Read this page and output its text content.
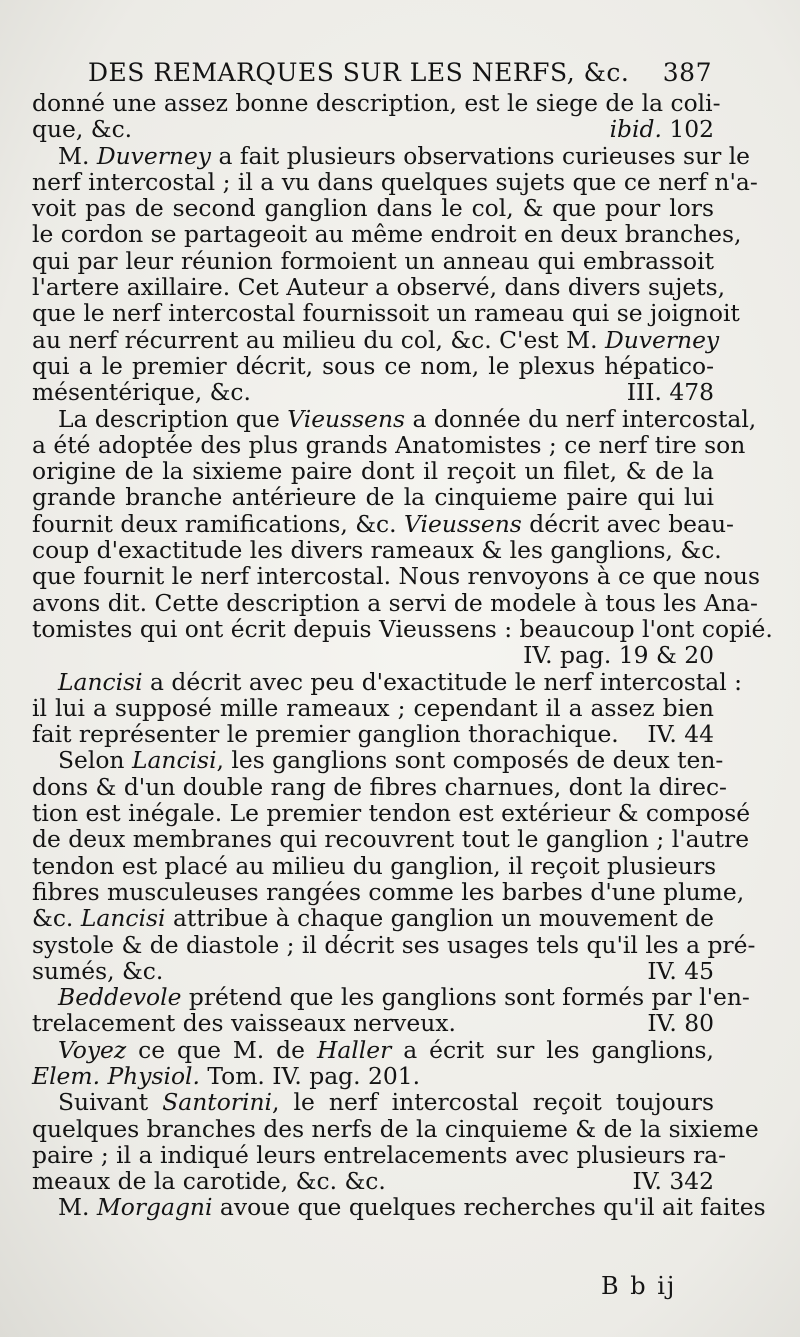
DES REMARQUES SUR LES NERFS, &c. 387
donné une assez bonne description, est le siege de la coli-
que, &c.	ibid. 102
M. Duverney a fait plusieurs observations curieuses sur le
nerf intercostal ; il a vu dans quelques sujets que ce nerf n'a-
voit pas de second ganglion dans le col, & que pour lors
le cordon se partageoit au même endroit en deux branches,
qui par leur réunion formoient un anneau qui embrassoit
l'artere axillaire. Cet Auteur a observé, dans divers sujets,
que le nerf intercostal fournissoit un rameau qui se joignoit
au nerf récurrent au milieu du col, &c. C'est M. Duverney
qui a le premier décrit, sous ce nom, le plexus hépatico-
mésentérique, &c.	III. 478
La description que Vieussens a donnée du nerf intercostal,
a été adoptée des plus grands Anatomistes ; ce nerf tire son
origine de la sixieme paire dont il reçoit un filet, & de la
grande branche antérieure de la cinquieme paire qui lui
fournit deux ramifications, &c. Vieussens décrit avec beau-
coup d'exactitude les divers rameaux & les ganglions, &c.
que fournit le nerf intercostal. Nous renvoyons à ce que nous
avons dit. Cette description a servi de modele à tous les Ana-
tomistes qui ont écrit depuis Vieussens : beaucoup l'ont copié.
IV. pag. 19 & 20
Lancisi a décrit avec peu d'exactitude le nerf intercostal :
il lui a supposé mille rameaux ; cependant il a assez bien
fait représenter le premier ganglion thorachique. IV. 44
Selon Lancisi, les ganglions sont composés de deux ten-
dons & d'un double rang de fibres charnues, dont la direc-
tion est inégale. Le premier tendon est extérieur & composé
de deux membranes qui recouvrent tout le ganglion ; l'autre
tendon est placé au milieu du ganglion, il reçoit plusieurs
fibres musculeuses rangées comme les barbes d'une plume,
&c. Lancisi attribue à chaque ganglion un mouvement de
systole & de diastole ; il décrit ses usages tels qu'il les a pré-
sumés, &c.	IV. 45
Beddevole prétend que les ganglions sont formés par l'en-
trelacement des vaisseaux nerveux.	IV. 80
Voyez ce que M. de Haller a écrit sur les ganglions,
Elem. Physiol. Tom. IV. pag. 201.
Suivant Santorini, le nerf intercostal reçoit toujours
quelques branches des nerfs de la cinquieme & de la sixieme
paire ; il a indiqué leurs entrelacements avec plusieurs ra-
meaux de la carotide, &c. &c.	IV. 342
M. Morgagni avoue que quelques recherches qu'il ait faites
B b ij
